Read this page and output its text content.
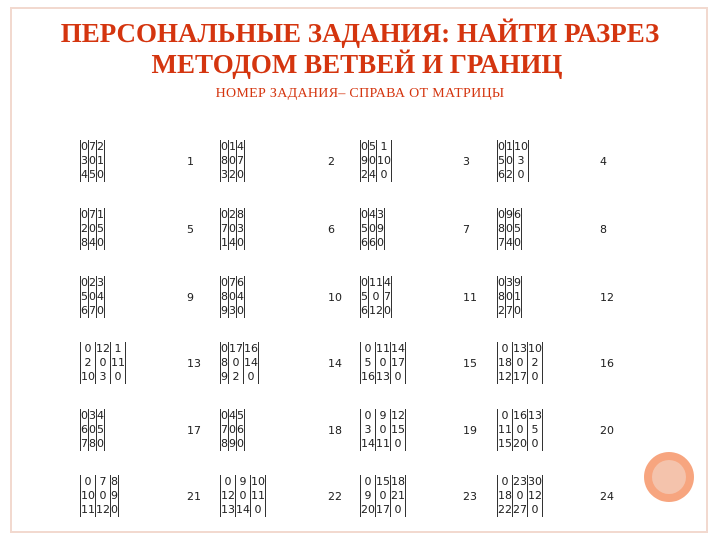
ПЕРСОНАЛЬНЫЕ ЗАДАНИЯ: НАЙТИ РАЗРЕЗ
МЕТОДОМ ВЕТВЕЙ И ГРАНИЦ
НОМЕР ЗАДАНИЯ– СПРАВА ОТ МАТРИЦЫ
0	7	2
3	0	1
4	5	0
1
0	1	4
8	0	7
3	2	0
2
0	5	1
9	0	10
2	4	0
3
0	1	10
5	0	3
6	2	0
4
0	7	1
2	0	5
8	4	0
5
0	2	8
7	0	3
1	4	0
6
0	4	3
5	0	9
6	6	0
7
0	9	6
8	0	5
7	4	0
8
0	2	3
5	0	4
6	7	0
9
0	7	6
8	0	4
9	3	0
10
0	11	4
5	0	7
6	12	0
11
0	3	9
8	0	1
2	7	0
12
0	12	1
2	0	11
10	3	0
13
0	17	16
8	0	14
9	2	0
14
0	11	14
5	0	17
16	13	0
15
0	13	10
18	0	2
12	17	0
16
0	3	4
6	0	5
7	8	0
17
0	4	5
7	0	6
8	9	0
18
0	9	12
3	0	15
14	11	0
19
0	16	13
11	0	5
15	20	0
20
0	7	8
10	0	9
11	12	0
21
0	9	10
12	0	11
13	14	0
22
0	15	18
9	0	21
20	17	0
23
0	23	30
18	0	12
22	27	0
24
